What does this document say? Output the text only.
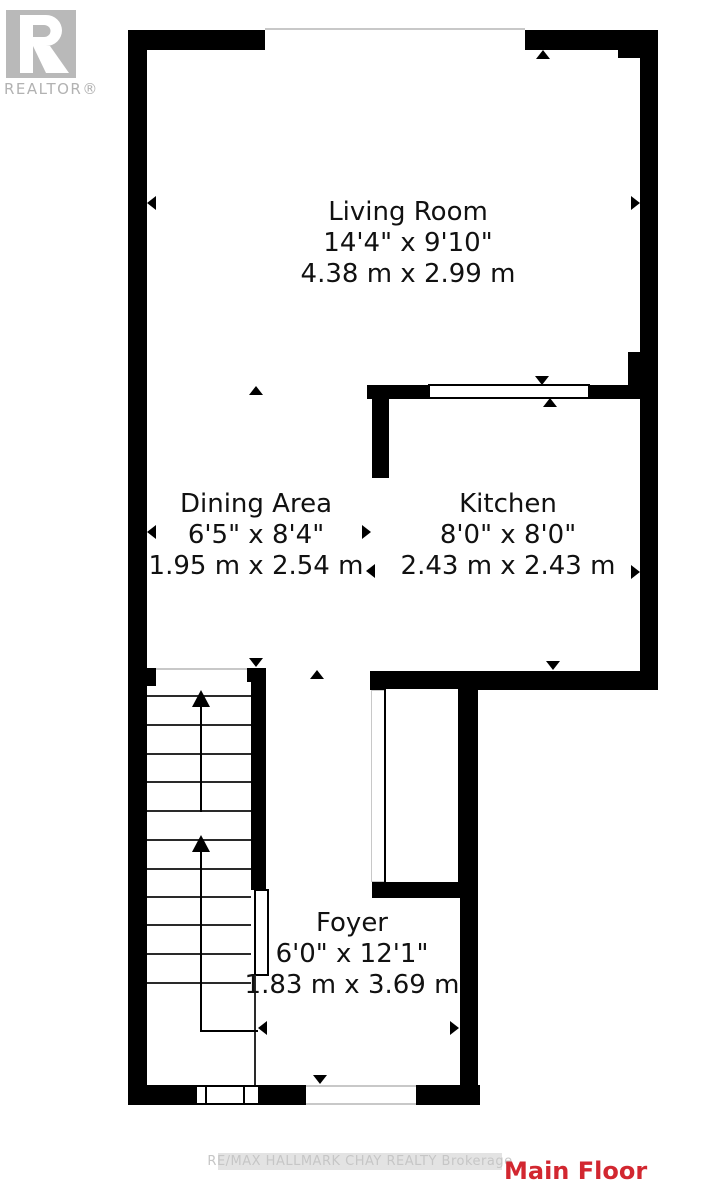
REALTOR®
Living Room
14'4" x 9'10"
4.38 m x 2.99 m
Dining Area
6'5" x 8'4"
1.95 m x 2.54 m
Kitchen
8'0" x 8'0"
2.43 m x 2.43 m
Foyer
6'0" x 12'1"
1.83 m x 3.69 m
RE/MAX HALLMARK CHAY REALTY Brokerage
Main Floor
